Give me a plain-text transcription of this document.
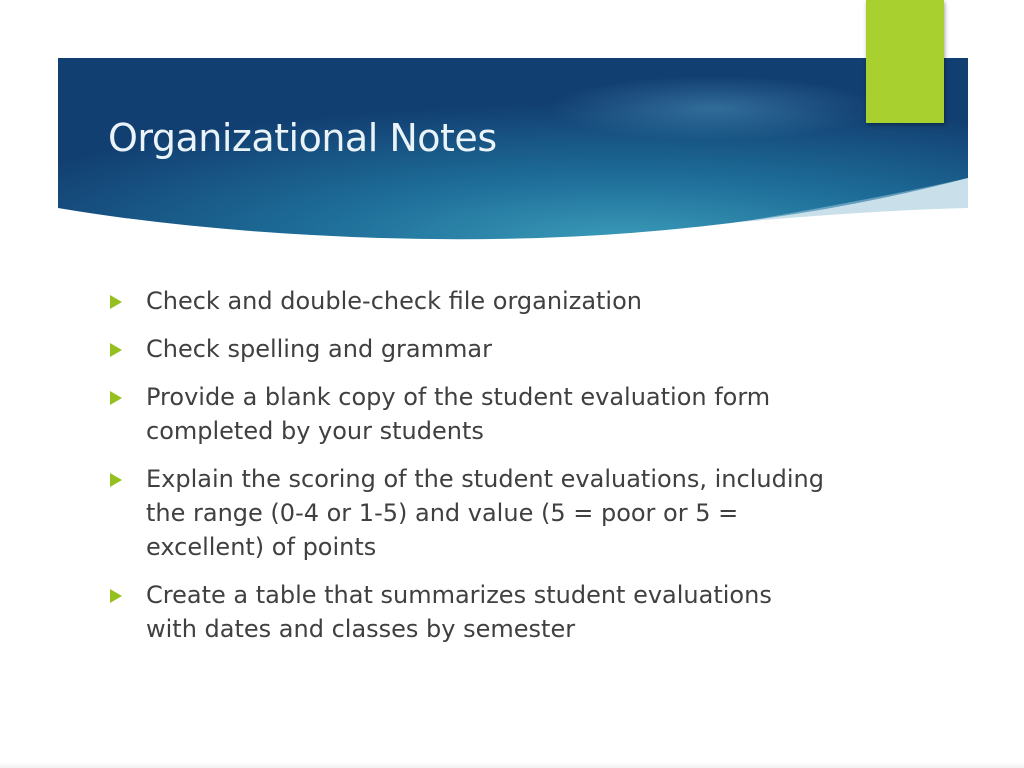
Organizational Notes
Check and double-check file organization
Check spelling and grammar
Provide a blank copy of the student evaluation form completed by your students
Explain the scoring of the student evaluations, including the range (0-4 or 1-5) and value (5 = poor or 5 = excellent) of points
Create a table that summarizes student evaluations with dates and classes by semester
